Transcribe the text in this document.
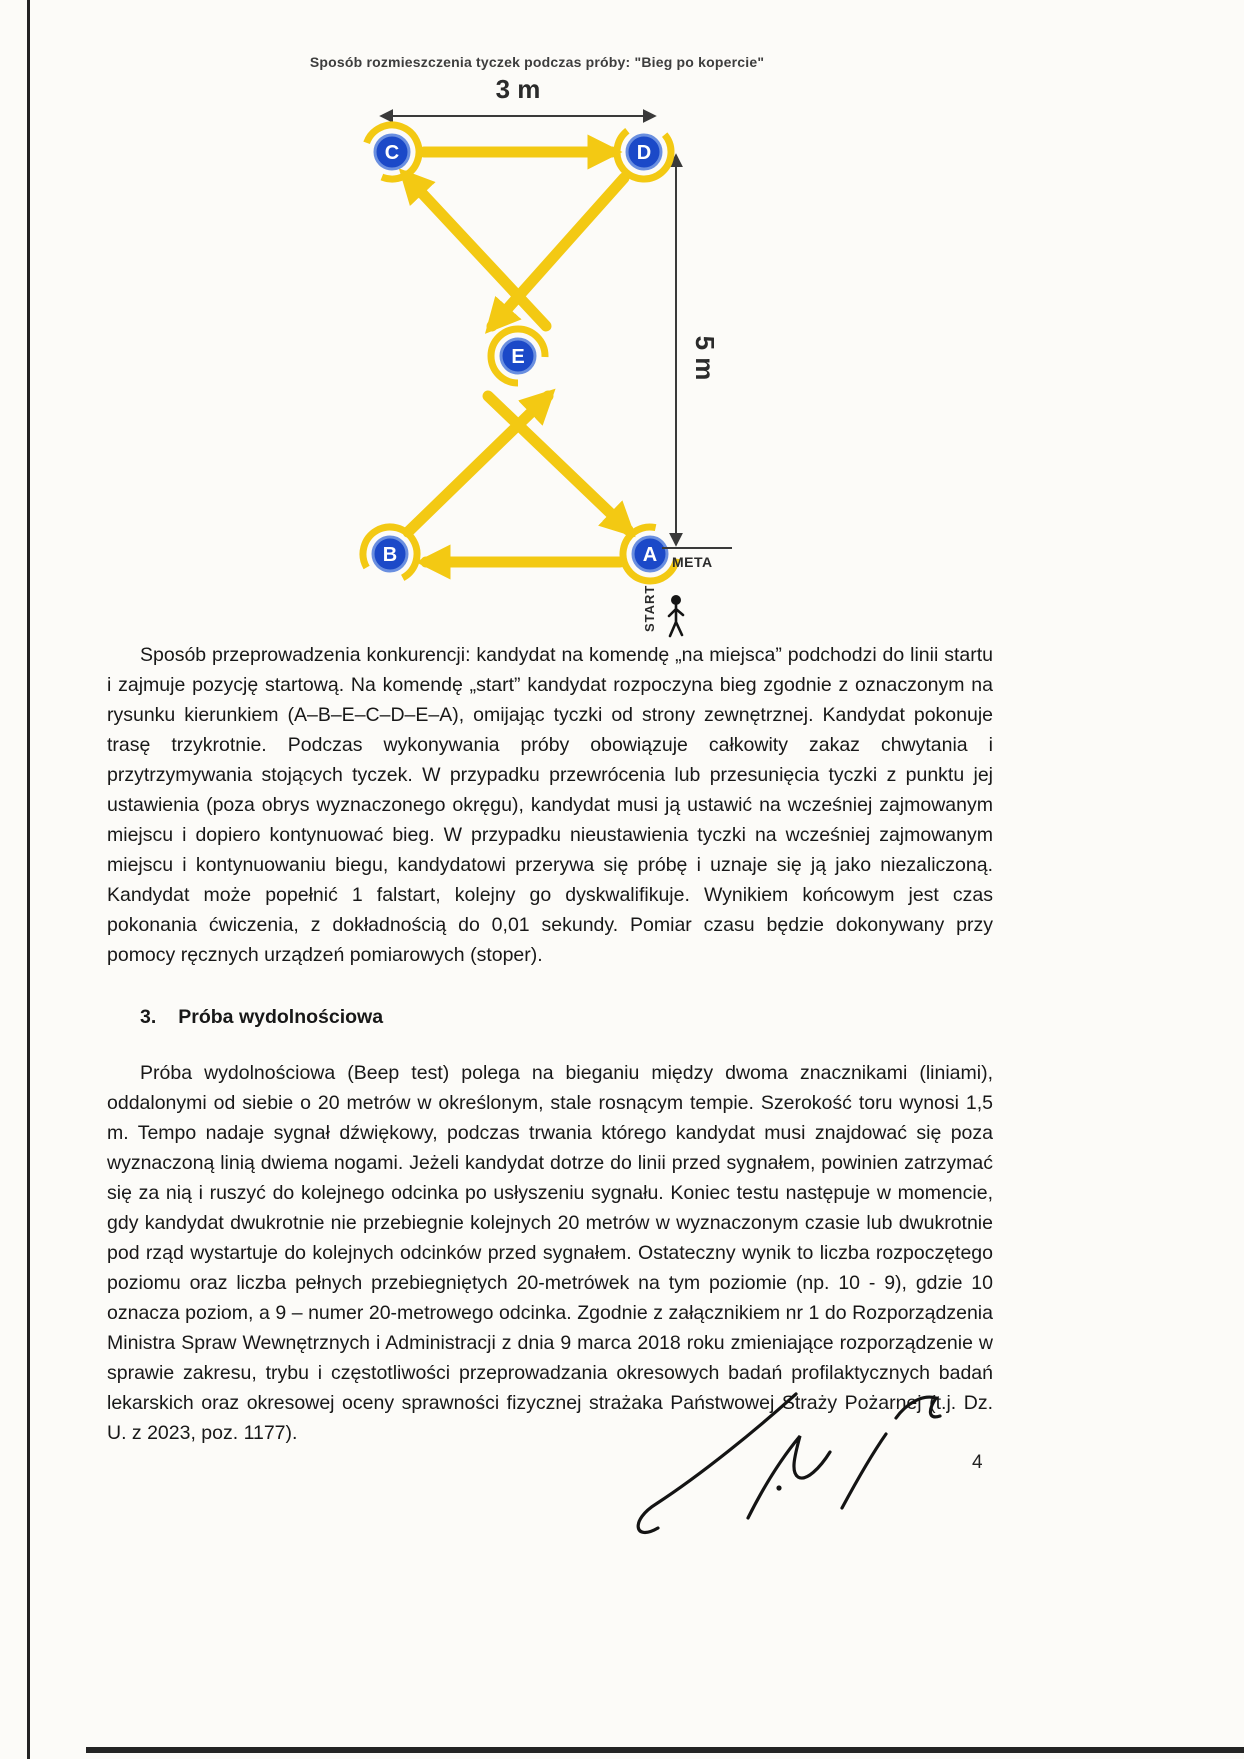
Sposób rozmieszczenia tyczek podczas próby: "Bieg po kopercie"
3 m
5 m
C	D
E
B	A META
START

Sposób przeprowadzenia konkurencji: kandydat na komendę „na miejsca” podchodzi do linii startu i zajmuje pozycję startową. Na komendę „start” kandydat rozpoczyna bieg zgodnie z oznaczonym na rysunku kierunkiem (A–B–E–C–D–E–A), omijając tyczki od strony zewnętrznej. Kandydat pokonuje trasę trzykrotnie. Podczas wykonywania próby obowiązuje całkowity zakaz chwytania i przytrzymywania stojących tyczek. W przypadku przewrócenia lub przesunięcia tyczki z punktu jej ustawienia (poza obrys wyznaczonego okręgu), kandydat musi ją ustawić na wcześniej zajmowanym miejscu i dopiero kontynuować bieg. W przypadku nieustawienia tyczki na wcześniej zajmowanym miejscu i kontynuowaniu biegu, kandydatowi przerywa się próbę i uznaje się ją jako niezaliczoną. Kandydat może popełnić 1 falstart, kolejny go dyskwalifikuje. Wynikiem końcowym jest czas pokonania ćwiczenia, z dokładnością do 0,01 sekundy. Pomiar czasu będzie dokonywany przy pomocy ręcznych urządzeń pomiarowych (stoper).

3. Próba wydolnościowa

Próba wydolnościowa (Beep test) polega na bieganiu między dwoma znacznikami (liniami), oddalonymi od siebie o 20 metrów w określonym, stale rosnącym tempie. Szerokość toru wynosi 1,5 m. Tempo nadaje sygnał dźwiękowy, podczas trwania którego kandydat musi znajdować się poza wyznaczoną linią dwiema nogami. Jeżeli kandydat dotrze do linii przed sygnałem, powinien zatrzymać się za nią i ruszyć do kolejnego odcinka po usłyszeniu sygnału. Koniec testu następuje w momencie, gdy kandydat dwukrotnie nie przebiegnie kolejnych 20 metrów w wyznaczonym czasie lub dwukrotnie pod rząd wystartuje do kolejnych odcinków przed sygnałem. Ostateczny wynik to liczba rozpoczętego poziomu oraz liczba pełnych przebiegniętych 20-metrówek na tym poziomie (np. 10 - 9), gdzie 10 oznacza poziom, a 9 – numer 20-metrowego odcinka. Zgodnie z załącznikiem nr 1 do Rozporządzenia Ministra Spraw Wewnętrznych i Administracji z dnia 9 marca 2018 roku zmieniające rozporządzenie w sprawie zakresu, trybu i częstotliwości przeprowadzania okresowych badań profilaktycznych badań lekarskich oraz okresowej oceny sprawności fizycznej strażaka Państwowej Straży Pożarnej (t.j. Dz. U. z 2023, poz. 1177).

4
